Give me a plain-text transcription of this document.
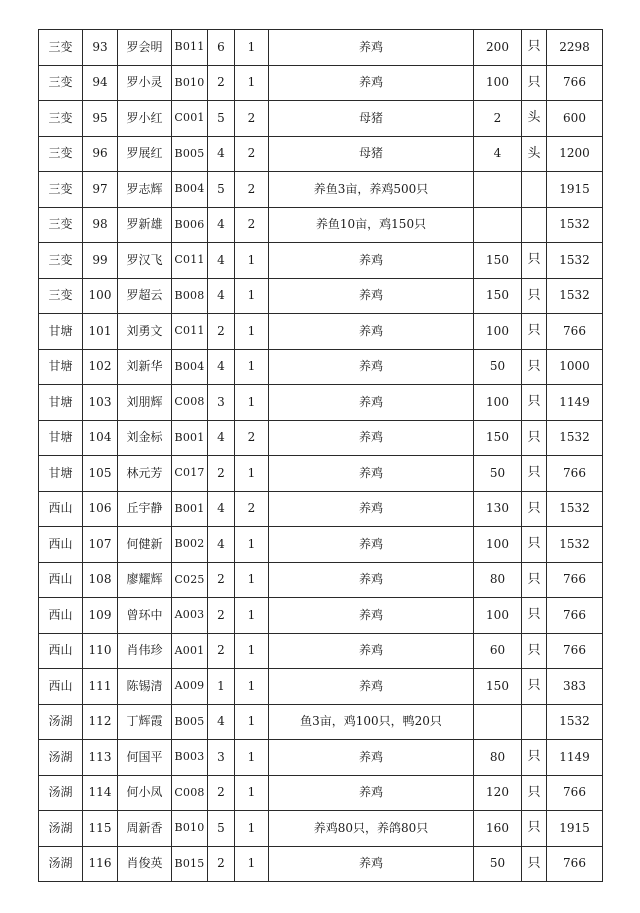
三变	93	罗会明	B011	6	1	养鸡	200	只	2298
三变	94	罗小灵	B010	2	1	养鸡	100	只	766
三变	95	罗小红	C001	5	2	母猪	2	头	600
三变	96	罗展红	B005	4	2	母猪	4	头	1200
三变	97	罗志辉	B004	5	2	养鱼3亩，养鸡500只			1915
三变	98	罗新雄	B006	4	2	养鱼10亩，鸡150只			1532
三变	99	罗汉飞	C011	4	1	养鸡	150	只	1532
三变	100	罗超云	B008	4	1	养鸡	150	只	1532
甘塘	101	刘勇文	C011	2	1	养鸡	100	只	766
甘塘	102	刘新华	B004	4	1	养鸡	50	只	1000
甘塘	103	刘朋辉	C008	3	1	养鸡	100	只	1149
甘塘	104	刘金标	B001	4	2	养鸡	150	只	1532
甘塘	105	林元芳	C017	2	1	养鸡	50	只	766
西山	106	丘宇静	B001	4	2	养鸡	130	只	1532
西山	107	何健新	B002	4	1	养鸡	100	只	1532
西山	108	廖耀辉	C025	2	1	养鸡	80	只	766
西山	109	曾环中	A003	2	1	养鸡	100	只	766
西山	110	肖伟珍	A001	2	1	养鸡	60	只	766
西山	111	陈锡清	A009	1	1	养鸡	150	只	383
汤湖	112	丁辉霞	B005	4	1	鱼3亩，鸡100只，鸭20只			1532
汤湖	113	何国平	B003	3	1	养鸡	80	只	1149
汤湖	114	何小凤	C008	2	1	养鸡	120	只	766
汤湖	115	周新香	B010	5	1	养鸡80只，养鸽80只	160	只	1915
汤湖	116	肖俊英	B015	2	1	养鸡	50	只	766
